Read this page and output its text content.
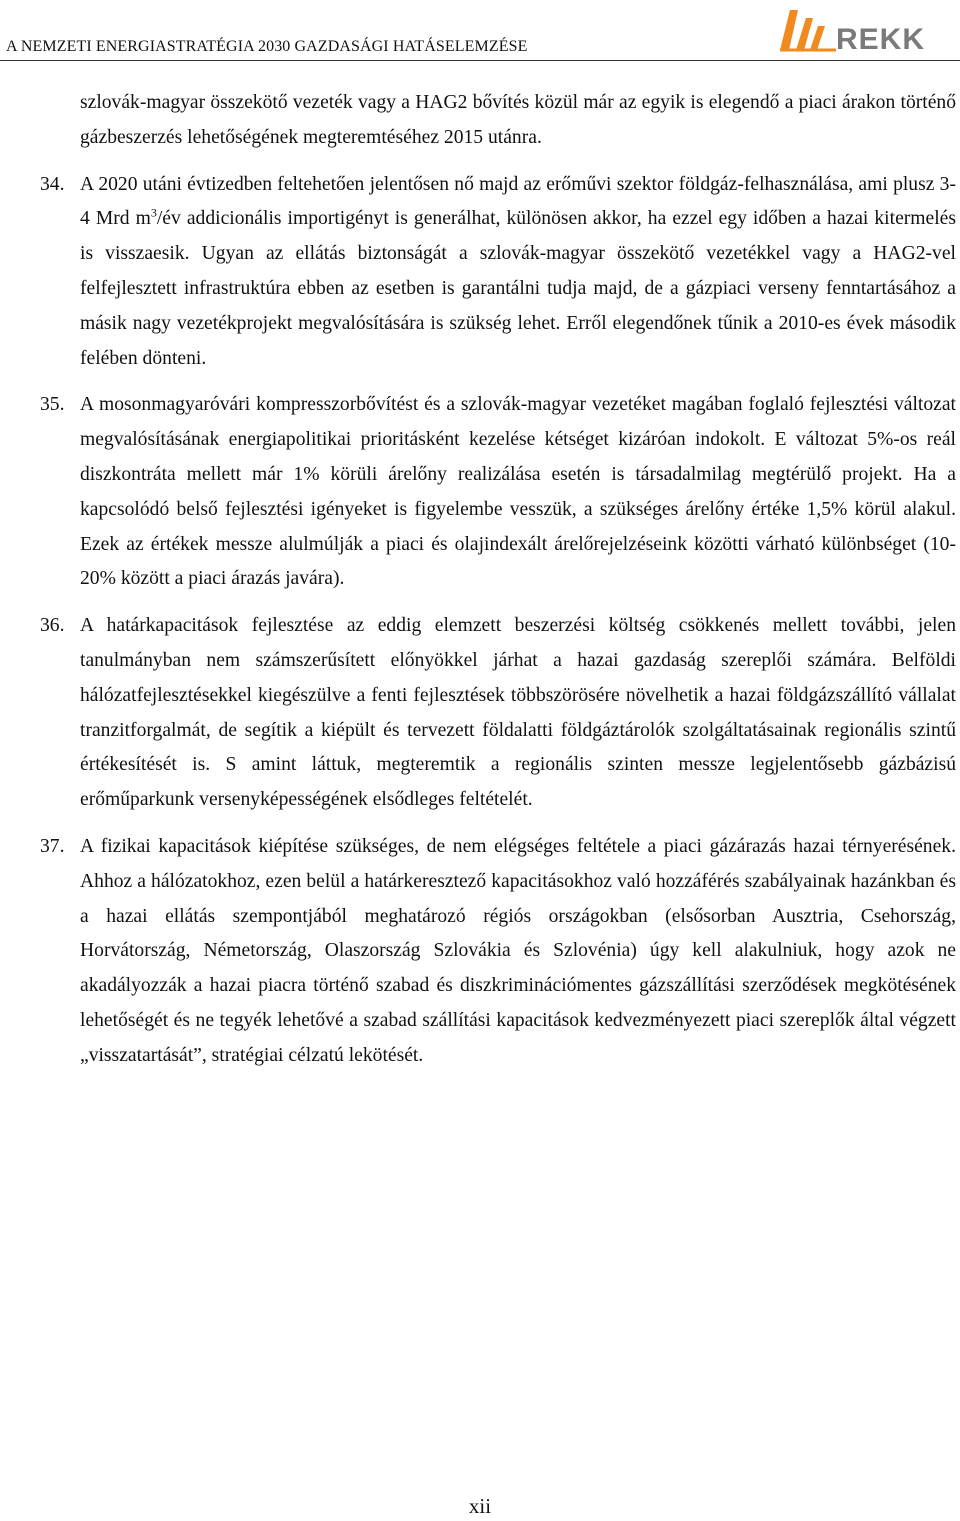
A NEMZETI ENERGIASTRATÉGIA 2030 GAZDASÁGI HATÁSELEMZÉSE	REKK

szlovák-magyar összekötő vezeték vagy a HAG2 bővítés közül már az egyik is elegendő a piaci árakon történő gázbeszerzés lehetőségének megteremtéséhez 2015 utánra.

34. A 2020 utáni évtizedben feltehetően jelentősen nő majd az erőművi szektor földgáz-felhasználása, ami plusz 3-4 Mrd $m^3/év$ addicionális importigényt is generálhat, különösen akkor, ha ezzel egy időben a hazai kitermelés is visszaesik. Ugyan az ellátás biztonságát a szlovák-magyar összekötő vezetékkel vagy a HAG2-vel felfejlesztett infrastruktúra ebben az esetben is garantálni tudja majd, de a gázpiaci verseny fenntartásához a másik nagy vezetékprojekt megvalósítására is szükség lehet. Erről elegendőnek tűnik a 2010-es évek második felében dönteni.
35. A mosonmagyaróvári kompresszorbővítést és a szlovák-magyar vezetéket magában foglaló fejlesztési változat megvalósításának energiapolitikai prioritásként kezelése kétséget kizáróan indokolt. E változat 5%-os reál diszkontráta mellett már 1% körüli árelőny realizálása esetén is társadalmilag megtérülő projekt. Ha a kapcsolódó belső fejlesztési igényeket is figyelembe vesszük, a szükséges árelőny értéke 1,5% körül alakul. Ezek az értékek messze alulmúlják a piaci és olajindexált árelőrejelzéseink közötti várható különbséget (10-20% között a piaci árazás javára).
36. A határkapacitások fejlesztése az eddig elemzett beszerzési költség csökkenés mellett további, jelen tanulmányban nem számszerűsített előnyökkel járhat a hazai gazdaság szereplői számára. Belföldi hálózatfejlesztésekkel kiegészülve a fenti fejlesztések többszörösére növelhetik a hazai földgázszállító vállalat tranzitforgalmát, de segítik a kiépült és tervezett földalatti földgáztárolók szolgáltatásainak regionális szintű értékesítését is. S amint láttuk, megteremtik a regionális szinten messze legjelentősebb gázbázisú erőműparkunk versenyképességének elsődleges feltételét.
37. A fizikai kapacitások kiépítése szükséges, de nem elégséges feltétele a piaci gázárazás hazai térnyerésének. Ahhoz a hálózatokhoz, ezen belül a határkeresztező kapacitásokhoz való hozzáférés szabályainak hazánkban és a hazai ellátás szempontjából meghatározó régiós országokban (elsősorban Ausztria, Csehország, Horvátország, Németország, Olaszország Szlovákia és Szlovénia) úgy kell alakulniuk, hogy azok ne akadályozzák a hazai piacra történő szabad és diszkriminációmentes gázszállítási szerződések megkötésének lehetőségét és ne tegyék lehetővé a szabad szállítási kapacitások kedvezményezett piaci szereplők által végzett „visszatartását”, stratégiai célzatú lekötését.
xii
